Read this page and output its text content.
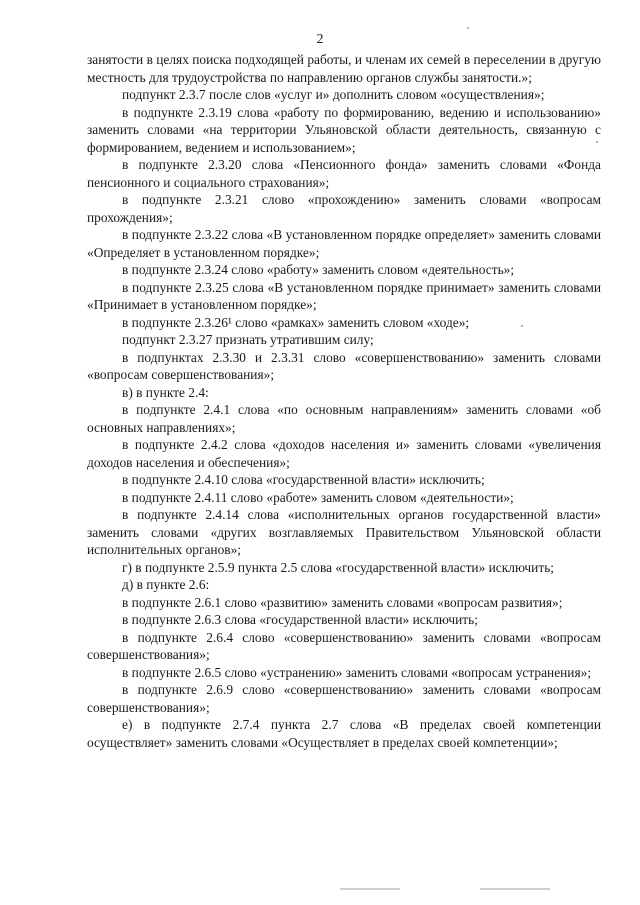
2

занятости в целях поиска подходящей работы, и членам их семей в переселении в другую местность для трудоустройства по направлению органов службы занятости.»;

подпункт 2.3.7 после слов «услуг и» дополнить словом «осуществления»;

в подпункте 2.3.19 слова «работу по формированию, ведению и использованию» заменить словами «на территории Ульяновской области деятельность, связанную с формированием, ведением и использованием»;

в подпункте 2.3.20 слова «Пенсионного фонда» заменить словами «Фонда пенсионного и социального страхования»;

в подпункте 2.3.21 слово «прохождению» заменить словами «вопросам прохождения»;

в подпункте 2.3.22 слова «В установленном порядке определяет» заменить словами «Определяет в установленном порядке»;

в подпункте 2.3.24 слово «работу» заменить словом «деятельность»;

в подпункте 2.3.25 слова «В установленном порядке принимает» заменить словами «Принимает в установленном порядке»;

в подпункте 2.3.26¹ слово «рамках» заменить словом «ходе»;

подпункт 2.3.27 признать утратившим силу;

в подпунктах 2.3.30 и 2.3.31 слово «совершенствованию» заменить словами «вопросам совершенствования»;

в) в пункте 2.4:

в подпункте 2.4.1 слова «по основным направлениям» заменить словами «об основных направлениях»;

в подпункте 2.4.2 слова «доходов населения и» заменить словами «увеличения доходов населения и обеспечения»;

в подпункте 2.4.10 слова «государственной власти» исключить;

в подпункте 2.4.11 слово «работе» заменить словом «деятельности»;

в подпункте 2.4.14 слова «исполнительных органов государственной власти» заменить словами «других возглавляемых Правительством Ульяновской области исполнительных органов»;

г) в подпункте 2.5.9 пункта 2.5 слова «государственной власти» исключить;

д) в пункте 2.6:

в подпункте 2.6.1 слово «развитию» заменить словами «вопросам развития»;

в подпункте 2.6.3 слова «государственной власти» исключить;

в подпункте 2.6.4 слово «совершенствованию» заменить словами «вопросам совершенствования»;

в подпункте 2.6.5 слово «устранению» заменить словами «вопросам устранения»;

в подпункте 2.6.9 слово «совершенствованию» заменить словами «вопросам совершенствования»;

е) в подпункте 2.7.4 пункта 2.7 слова «В пределах своей компетенции осуществляет» заменить словами «Осуществляет в пределах своей компетенции»;
